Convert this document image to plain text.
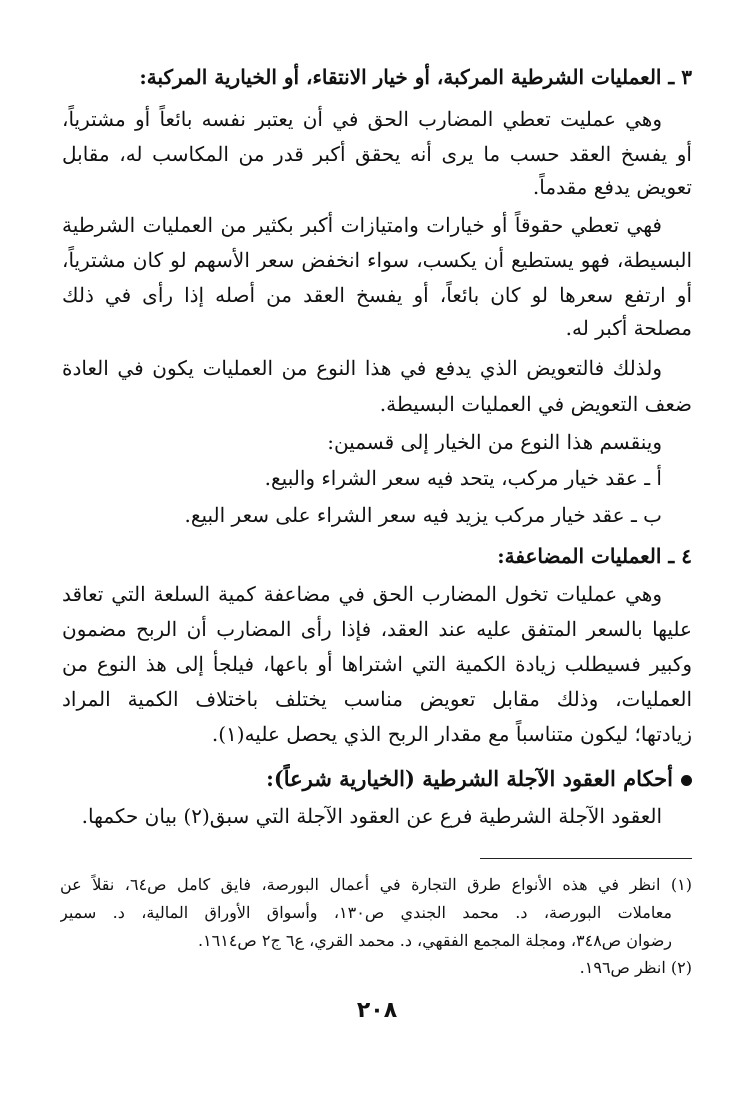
٣ ـ العمليات الشرطية المركبة، أو خيار الانتقاء، أو الخيارية المركبة:
وهي عمليت تعطي المضارب الحق في أن يعتبر نفسه بائعاً أو مشترياً،
أو يفسخ العقد حسب ما يرى أنه يحقق أكبر قدر من المكاسب له، مقابل
تعويض يدفع مقدماً.
فهي تعطي حقوقاً أو خيارات وامتيازات أكبر بكثير من العمليات الشرطية
البسيطة، فهو يستطيع أن يكسب، سواء انخفض سعر الأسهم لو كان مشترياً،
أو ارتفع سعرها لو كان بائعاً، أو يفسخ العقد من أصله إذا رأى في ذلك
مصلحة أكبر له.
ولذلك فالتعويض الذي يدفع في هذا النوع من العمليات يكون في العادة
ضعف التعويض في العمليات البسيطة.
وينقسم هذا النوع من الخيار إلى قسمين:
أ ـ عقد خيار مركب، يتحد فيه سعر الشراء والبيع.
ب ـ عقد خيار مركب يزيد فيه سعر الشراء على سعر البيع.
٤ ـ العمليات المضاعفة:
وهي عمليات تخول المضارب الحق في مضاعفة كمية السلعة التي تعاقد
عليها بالسعر المتفق عليه عند العقد، فإذا رأى المضارب أن الربح مضمون
وكبير فسيطلب زيادة الكمية التي اشتراها أو باعها، فيلجأ إلى هذ النوع من
العمليات، وذلك مقابل تعويض مناسب يختلف باختلاف الكمية المراد
زيادتها؛ ليكون متناسباً مع مقدار الربح الذي يحصل عليه(١).
أحكام العقود الآجلة الشرطية (الخيارية شرعاً):
العقود الآجلة الشرطية فرع عن العقود الآجلة التي سبق(٢) بيان حكمها.
(١) انظر في هذه الأنواع طرق التجارة في أعمال البورصة، فايق كامل ص٦٤، نقلاً عن
معاملات البورصة، د. محمد الجندي ص١٣٠، وأسواق الأوراق المالية، د. سمير
رضوان ص٣٤٨، ومجلة المجمع الفقهي، د. محمد القري، ع٦ ج٢ ص١٦١٤.
(٢) انظر ص١٩٦.
٢٠٨
